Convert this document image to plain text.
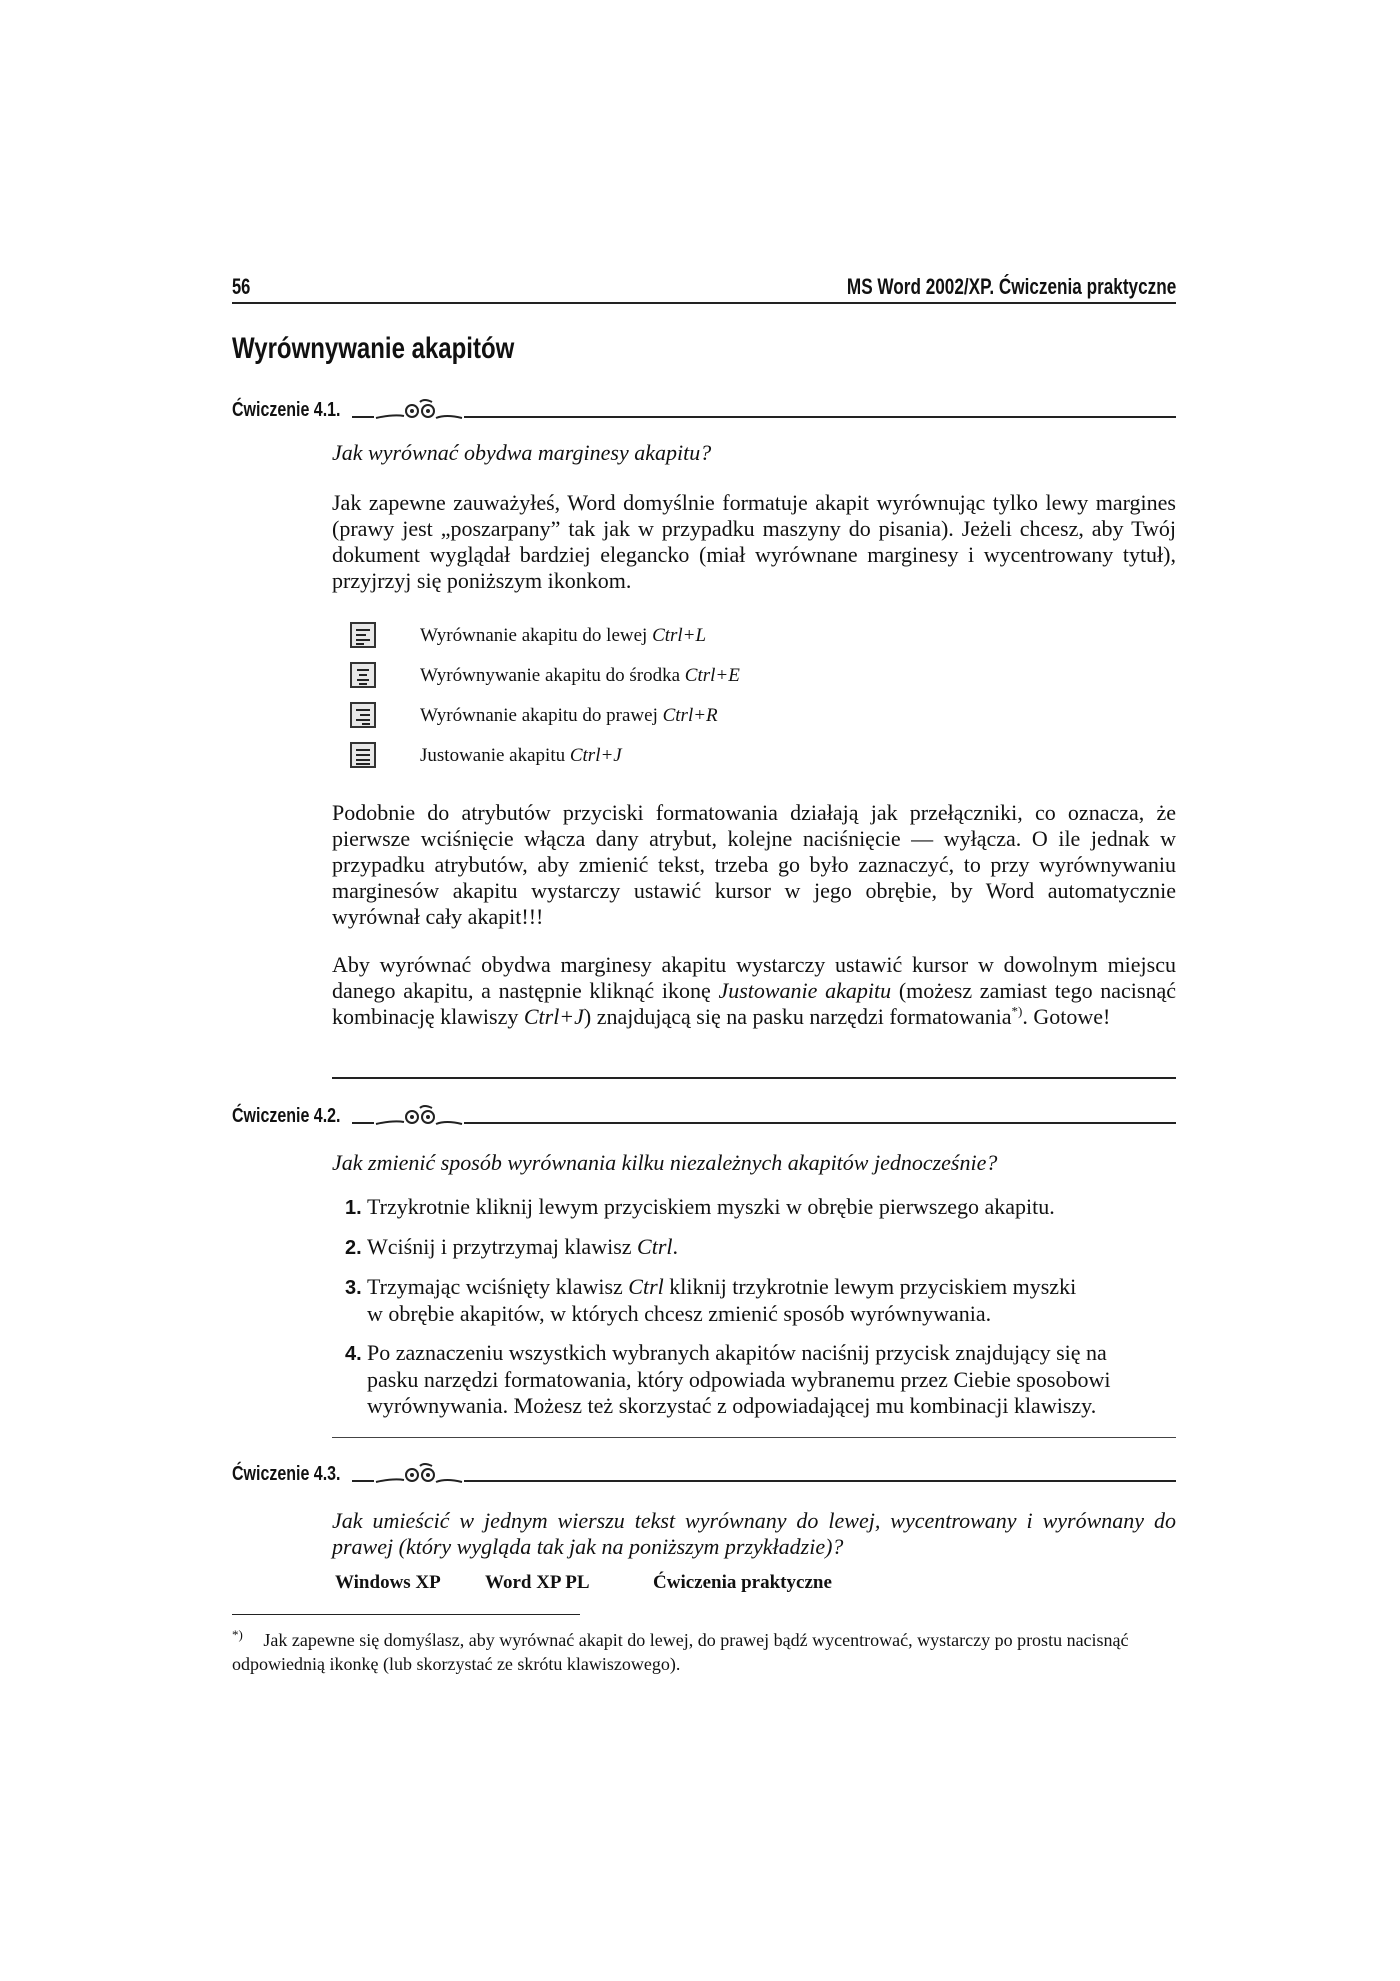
56	MS Word 2002/XP. Ćwiczenia praktyczne
Wyrównywanie akapitów
Ćwiczenie 4.1.

Jak wyrównać obydwa marginesy akapitu?

Jak zapewne zauważyłeś, Word domyślnie formatuje akapit wyrównując tylko lewy margines (prawy jest „poszarpany” tak jak w przypadku maszyny do pisania). Jeżeli chcesz, aby Twój dokument wyglądał bardziej elegancko (miał wyrównane marginesy i wycentrowany tytuł), przyjrzyj się poniższym ikonkom.

Wyrównanie akapitu do lewej Ctrl+L
Wyrównywanie akapitu do środka Ctrl+E
Wyrównanie akapitu do prawej Ctrl+R
Justowanie akapitu Ctrl+J

Podobnie do atrybutów przyciski formatowania działają jak przełączniki, co oznacza, że pierwsze wciśnięcie włącza dany atrybut, kolejne naciśnięcie — wyłącza. O ile jednak w przypadku atrybutów, aby zmienić tekst, trzeba go było zaznaczyć, to przy wyrównywaniu marginesów akapitu wystarczy ustawić kursor w jego obrębie, by Word automatycznie wyrównał cały akapit!!!

Aby wyrównać obydwa marginesy akapitu wystarczy ustawić kursor w dowolnym miejscu danego akapitu, a następnie kliknąć ikonę Justowanie akapitu (możesz zamiast tego nacisnąć kombinację klawiszy Ctrl+J) znajdującą się na pasku narzędzi formatowania*). Gotowe!

Ćwiczenie 4.2.

Jak zmienić sposób wyrównania kilku niezależnych akapitów jednocześnie?

1. Trzykrotnie kliknij lewym przyciskiem myszki w obrębie pierwszego akapitu.
2. Wciśnij i przytrzymaj klawisz Ctrl.
3. Trzymając wciśnięty klawisz Ctrl kliknij trzykrotnie lewym przyciskiem myszki
w obrębie akapitów, w których chcesz zmienić sposób wyrównywania.
4. Po zaznaczeniu wszystkich wybranych akapitów naciśnij przycisk znajdujący się na
pasku narzędzi formatowania, który odpowiada wybranemu przez Ciebie sposobowi
wyrównywania. Możesz też skorzystać z odpowiadającej mu kombinacji klawiszy.
Ćwiczenie 4.3.

Jak umieścić w jednym wierszu tekst wyrównany do lewej, wycentrowany i wyrównany do prawej (który wygląda tak jak na poniższym przykładzie)?

Windows XP Word XP PL	Ćwiczenia praktyczne
*) Jak zapewne się domyślasz, aby wyrównać akapit do lewej, do prawej bądź wycentrować, wystarczy po prostu nacisnąć odpowiednią ikonkę (lub skorzystać ze skrótu klawiszowego).
